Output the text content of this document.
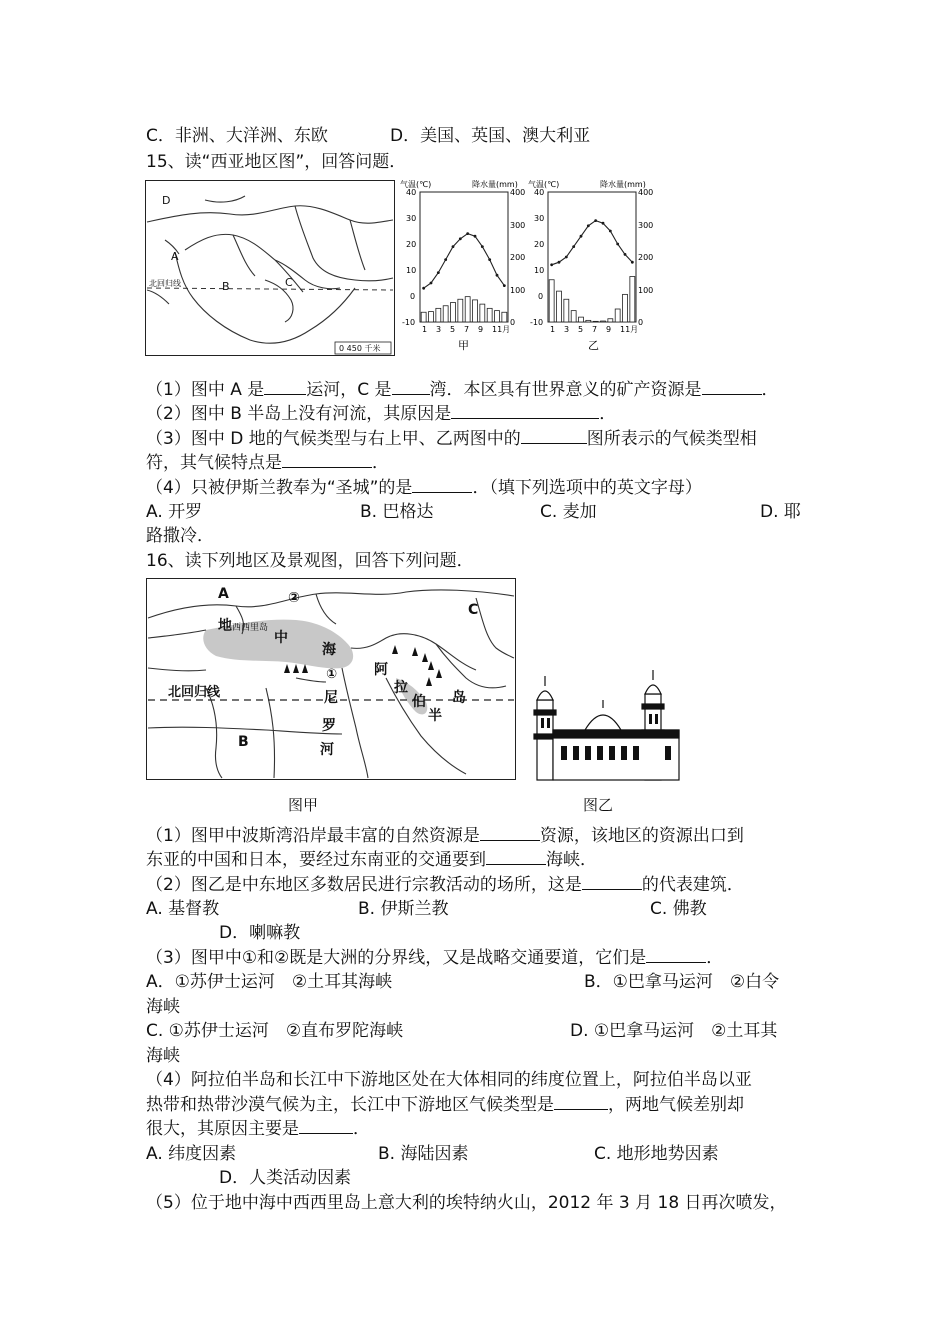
C．非洲、大洋洲、东欧	D．美国、英国、澳大利亚
15、读“西亚地区图”，回答问题．
D
A
B	C
北回归线
0 450 千米
气温(℃)	降水量(mm)
40
30
20
10
0
-10
400
300
200
100
0
1 3 5 7 9 11月
甲
气温(℃)	降水量(mm)
40
30
20
10
0
-10
400
300
200
100
0
1 3 5 7 9 11月
乙
（1）图中 A 是 运河，C 是 湾．本区具有世界意义的矿产资源是	．
（2）图中 B 半岛上没有河流，其原因是	．
（3）图中 D 地的气候类型与右上甲、乙两图中的	图所表示的气候类型相
符，其气候特点是	．
（4）只被伊斯兰教奉为“圣城”的是	．（填下列选项中的英文字母）
A. 开罗	B. 巴格达	C. 麦加	D. 耶
路撒冷．
16、读下列地区及景观图，回答下列问题．
A	②
地 西西里岛
中
海
C
北回归线
①
尼
阿
拉
伯
半
岛
罗
河
B
图甲	图乙
（1）图甲中波斯湾沿岸最丰富的自然资源是	资源，该地区的资源出口到
东亚的中国和日本，要经过东南亚的交通要到	海峡．
（2）图乙是中东地区多数居民进行宗教活动的场所，这是	的代表建筑．
A. 基督教	B. 伊斯兰教	C. 佛教
D．喇嘛教
（3）图甲中①和②既是大洲的分界线，又是战略交通要道，它们是	．
A．①苏伊士运河　②土耳其海峡	B．①巴拿马运河　②白令
海峡
C. ①苏伊士运河　②直布罗陀海峡	D. ①巴拿马运河　②土耳其
海峡
（4）阿拉伯半岛和长江中下游地区处在大体相同的纬度位置上，阿拉伯半岛以亚
热带和热带沙漠气候为主，长江中下游地区气候类型是	，两地气候差别却
很大，其原因主要是	．
A. 纬度因素	B. 海陆因素	C. 地形地势因素
D．人类活动因素
（5）位于地中海中西西里岛上意大利的埃特纳火山，2012 年 3 月 18 日再次喷发，
